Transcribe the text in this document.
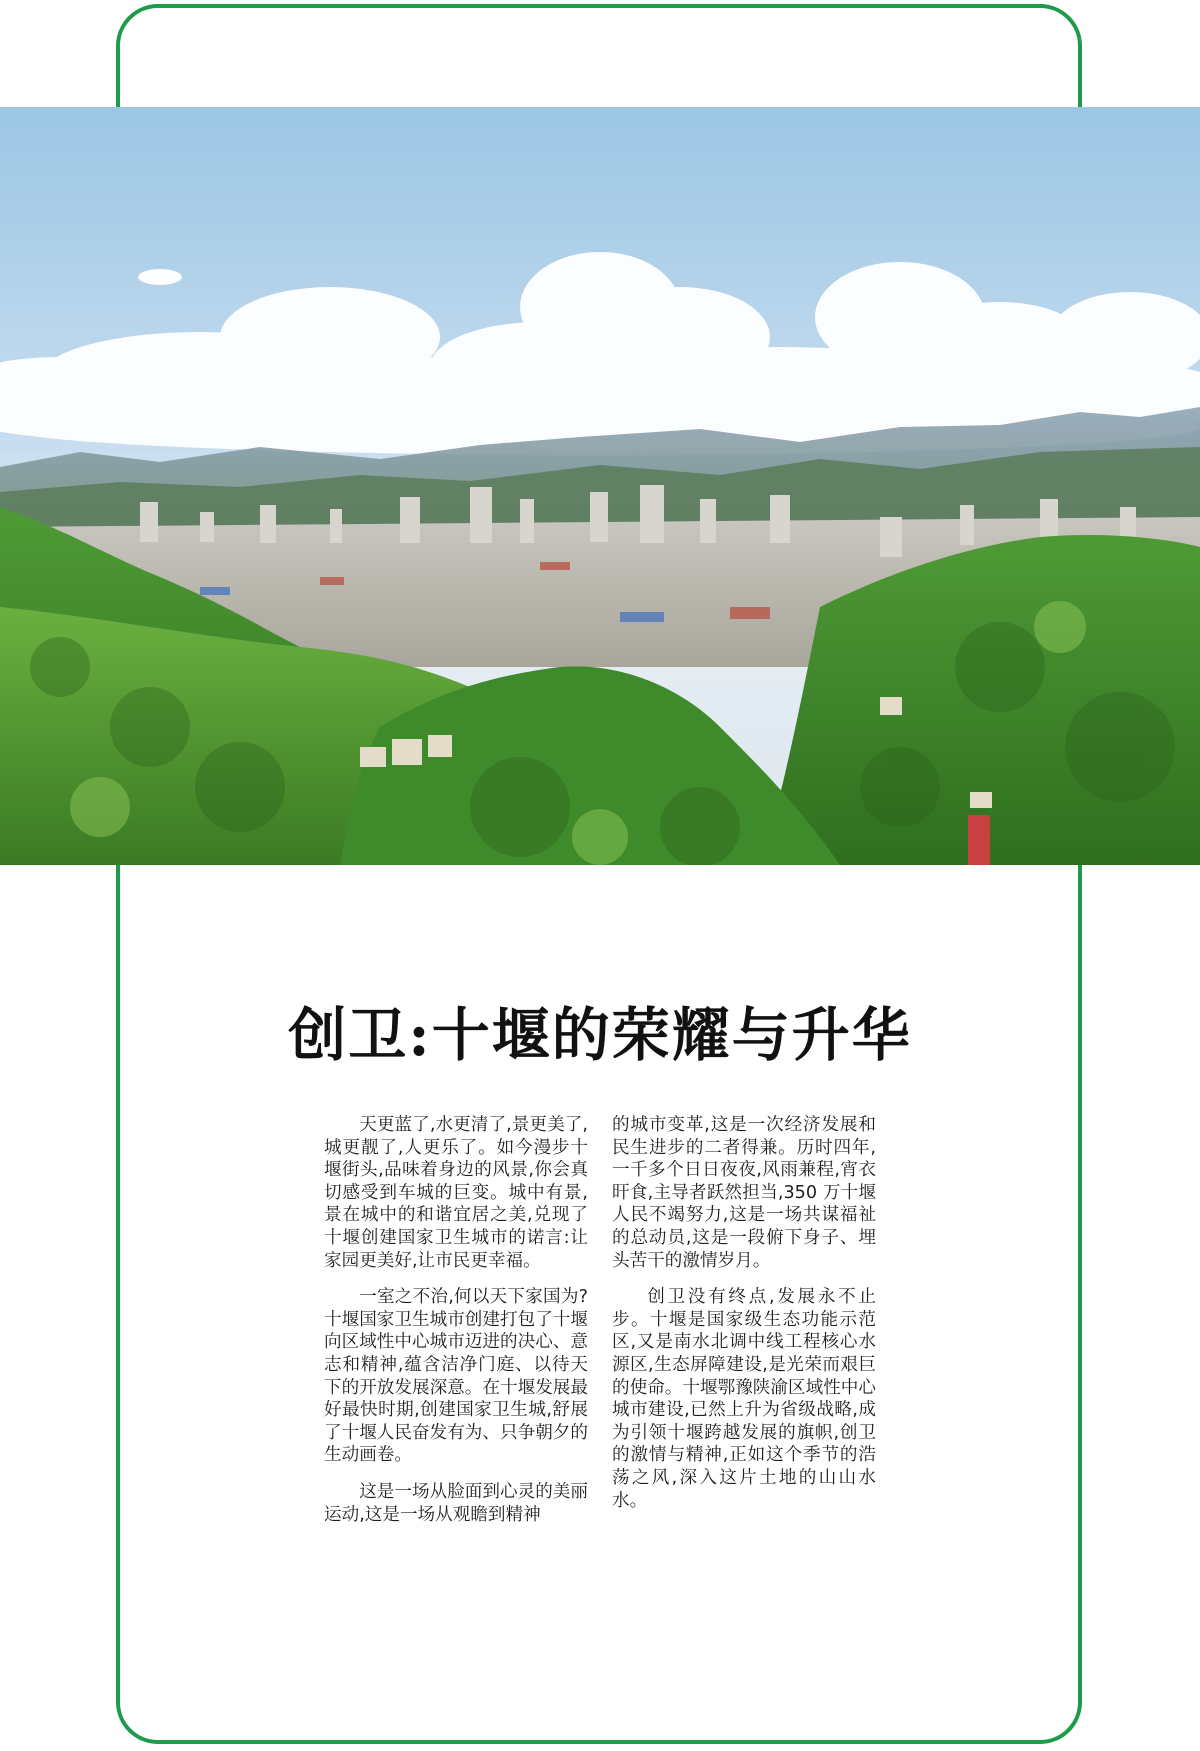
创卫:十堰的荣耀与升华

天更蓝了,水更清了,景更美了,城更靓了,人更乐了。如今漫步十堰街头,品味着身边的风景,你会真切感受到车城的巨变。城中有景,景在城中的和谐宜居之美,兑现了十堰创建国家卫生城市的诺言:让家园更美好,让市民更幸福。

一室之不治,何以天下家国为? 十堰国家卫生城市创建打包了十堰向区域性中心城市迈进的决心、意志和精神,蕴含洁净门庭、以待天下的开放发展深意。在十堰发展最好最快时期,创建国家卫生城,舒展了十堰人民奋发有为、只争朝夕的生动画卷。

这是一场从脸面到心灵的美丽运动,这是一场从观瞻到精神

的城市变革,这是一次经济发展和民生进步的二者得兼。历时四年,一千多个日日夜夜,风雨兼程,宵衣旰食,主导者跃然担当,350 万十堰人民不竭努力,这是一场共谋福祉的总动员,这是一段俯下身子、埋头苦干的激情岁月。

创卫没有终点,发展永不止步。十堰是国家级生态功能示范区,又是南水北调中线工程核心水源区,生态屏障建设,是光荣而艰巨的使命。十堰鄂豫陕渝区域性中心城市建设,已然上升为省级战略,成为引领十堰跨越发展的旗帜,创卫的激情与精神,正如这个季节的浩荡之风,深入这片土地的山山水水。
